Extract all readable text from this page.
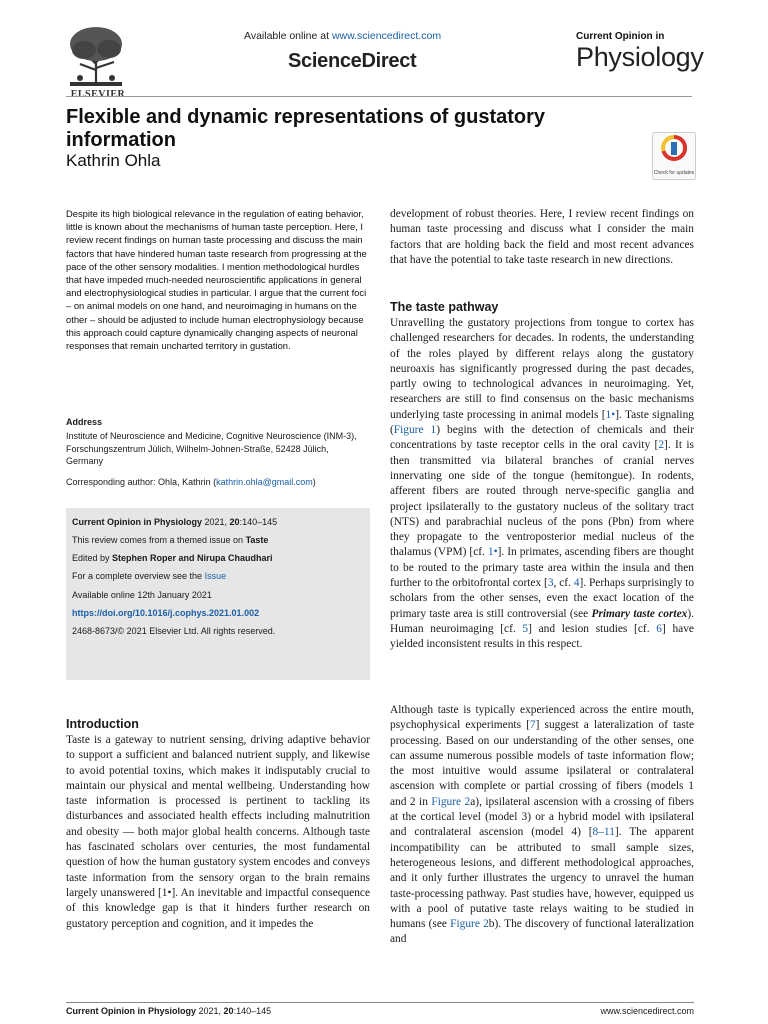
ELSEVIER
Available online at www.sciencedirect.com
ScienceDirect
Current Opinion in
Physiology
Flexible and dynamic representations of gustatory information
Kathrin Ohla
Check for updates
Despite its high biological relevance in the regulation of eating behavior, little is known about the mechanisms of human taste perception. Here, I review recent findings on human taste processing and discuss the main factors that have hindered human taste research from progressing at the pace of the other sensory modalities. I mention methodological hurdles that have impeded much-needed neuroscientific applications in general and electrophysiological studies in particular. I argue that the current foci – on animal models on one hand, and neuroimaging in humans on the other – should be adjusted to include human electrophysiology because this approach could capture dynamically changing aspects of neuronal responses that remain uncharted territory in gustation.
Address
Institute of Neuroscience and Medicine, Cognitive Neuroscience (INM-3), Forschungszentrum Jülich, Wilhelm-Johnen-Straße, 52428 Jülich, Germany
Corresponding author: Ohla, Kathrin (kathrin.ohla@gmail.com)
Current Opinion in Physiology 2021, 20:140–145
This review comes from a themed issue on Taste
Edited by Stephen Roper and Nirupa Chaudhari
For a complete overview see the Issue
Available online 12th January 2021
https://doi.org/10.1016/j.cophys.2021.01.002
2468-8673/© 2021 Elsevier Ltd. All rights reserved.
Introduction
Taste is a gateway to nutrient sensing, driving adaptive behavior to support a sufficient and balanced nutrient supply, and likewise to avoid potential toxins, which makes it indisputably crucial to maintain our physical and mental wellbeing. Understanding how taste information is processed is pertinent to tackling its disturbances and associated health effects including malnutrition and obesity — both major global health concerns. Although taste has fascinated scholars over centuries, the most fundamental question of how the human gustatory system encodes and conveys taste information from the sensory organ to the brain remains largely unanswered [1•]. An inevitable and impactful consequence of this knowledge gap is that it hinders further research on gustatory perception and cognition, and it impedes the
development of robust theories. Here, I review recent findings on human taste processing and discuss what I consider the main factors that are holding back the field and most recent advances that have the potential to take taste research in new directions.
The taste pathway
Unravelling the gustatory projections from tongue to cortex has challenged researchers for decades. In rodents, the understanding of the roles played by different relays along the gustatory neuroaxis has significantly progressed during the past decades, partly owing to technological advances in neuroimaging. Yet, researchers are still to find consensus on the basic mechanisms underlying taste processing in animal models [1•]. Taste signaling (Figure 1) begins with the detection of chemicals and their concentrations by taste receptor cells in the oral cavity [2]. It is then transmitted via bilateral branches of cranial nerves innervating one side of the tongue (hemitongue). In rodents, afferent fibers are routed through nerve-specific ganglia and project ipsilaterally to the gustatory nucleus of the solitary tract (NTS) and parabrachial nucleus of the pons (Pbn) from where they propagate to the ventroposterior medial nucleus of the thalamus (VPM) [cf. 1•]. In primates, ascending fibers are thought to be routed to the primary taste area within the insula and then further to the orbitofrontal cortex [3, cf. 4]. Perhaps surprisingly to scholars from the other senses, even the exact location of the primary taste area is still controversial (see Primary taste cortex). Human neuroimaging [cf. 5] and lesion studies [cf. 6] have yielded inconsistent results in this respect.
Although taste is typically experienced across the entire mouth, psychophysical experiments [7] suggest a lateralization of taste processing. Based on our understanding of the other senses, one can assume numerous possible models of taste information flow; the most intuitive would assume ipsilateral or contralateral ascension with complete or partial crossing of fibers (models 1 and 2 in Figure 2a), ipsilateral ascension with a crossing of fibers at the cortical level (model 3) or a hybrid model with ipsilateral and contralateral ascension (model 4) [8–11]. The apparent incompatibility can be attributed to small sample sizes, heterogeneous lesions, and different methodological approaches, and it only further illustrates the urgency to unravel the human taste-processing pathway. Past studies have, however, equipped us with a pool of putative taste relays waiting to be studied in humans (see Figure 2b). The discovery of functional lateralization and
Current Opinion in Physiology 2021, 20:140–145	www.sciencedirect.com
